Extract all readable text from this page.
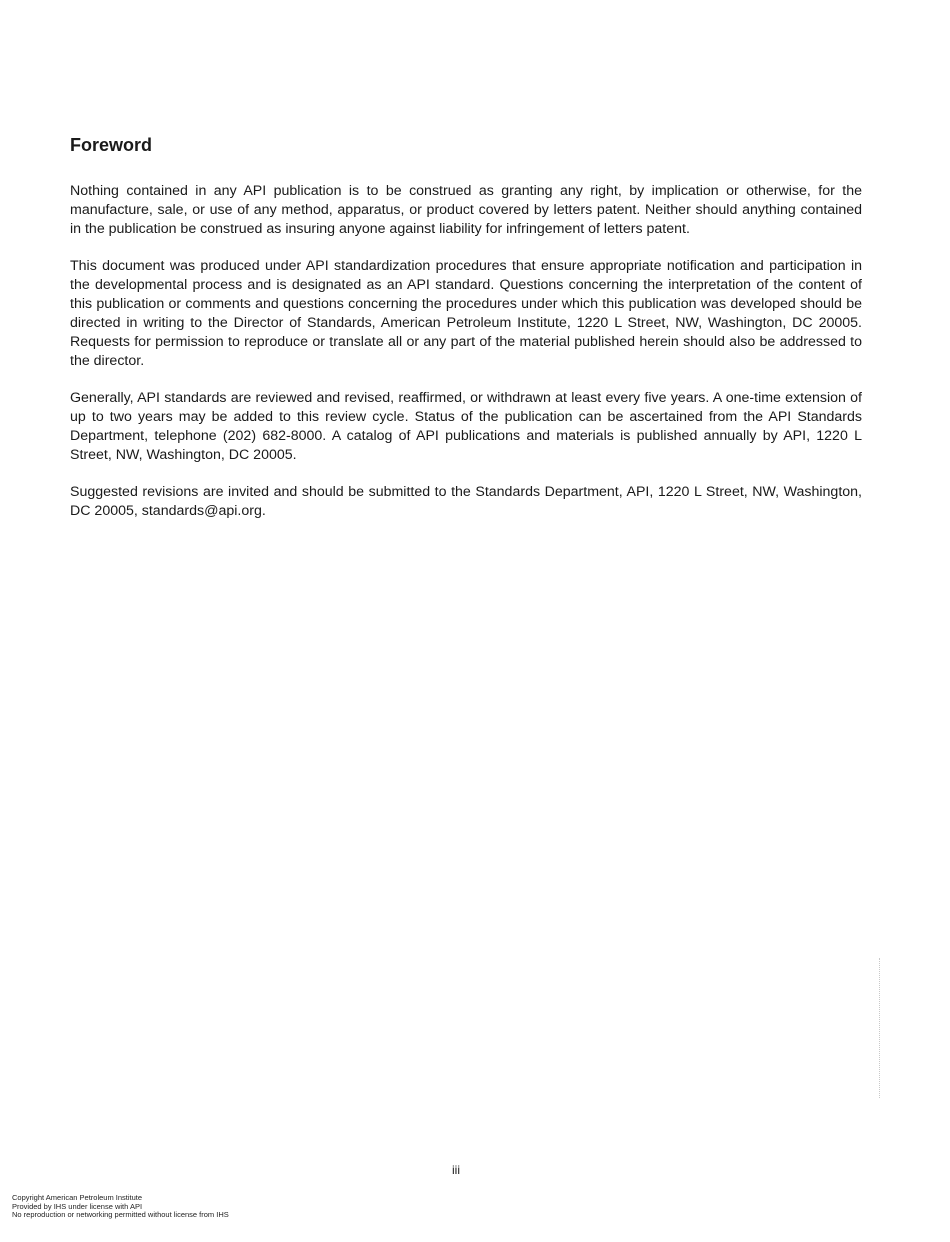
Foreword

Nothing contained in any API publication is to be construed as granting any right, by implication or otherwise, for the manufacture, sale, or use of any method, apparatus, or product covered by letters patent. Neither should anything contained in the publication be construed as insuring anyone against liability for infringement of letters patent.

This document was produced under API standardization procedures that ensure appropriate notification and participation in the developmental process and is designated as an API standard. Questions concerning the interpretation of the content of this publication or comments and questions concerning the procedures under which this publication was developed should be directed in writing to the Director of Standards, American Petroleum Institute, 1220 L Street, NW, Washington, DC 20005. Requests for permission to reproduce or translate all or any part of the material published herein should also be addressed to the director.

Generally, API standards are reviewed and revised, reaffirmed, or withdrawn at least every five years. A one-time extension of up to two years may be added to this review cycle. Status of the publication can be ascertained from the API Standards Department, telephone (202) 682-8000. A catalog of API publications and materials is published annually by API, 1220 L Street, NW, Washington, DC 20005.

Suggested revisions are invited and should be submitted to the Standards Department, API, 1220 L Street, NW, Washington, DC 20005, standards@api.org.

iii
Copyright American Petroleum Institute
Provided by IHS under license with API
No reproduction or networking permitted without license from IHS
